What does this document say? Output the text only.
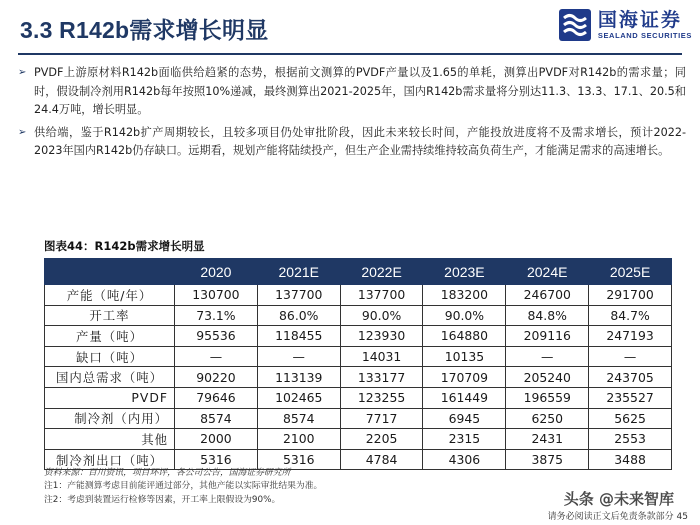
3.3 R142b需求增长明显	国海证券
SEALAND SECURITIES
➢ PVDF上游原材料R142b面临供给趋紧的态势，根据前文测算的PVDF产量以及1.65的单耗，测算出PVDF对R142b的需求量；同时，假设制冷剂用R142b每年按照10%递减，最终测算出2021-2025年，国内R142b需求量将分别达11.3、13.3、17.1、20.5和24.4万吨，增长明显。
➢ 供给端，鉴于R142b扩产周期较长，且较多项目仍处审批阶段，因此未来较长时间，产能投放进度将不及需求增长，预计2022-2023年国内R142b仍存缺口。远期看，规划产能将陆续投产，但生产企业需持续维持较高负荷生产，才能满足需求的高速增长。
图表44：R142b需求增长明显
	2020	2021E	2022E	2023E	2024E	2025E
产能（吨/年）	130700	137700	137700	183200	246700	291700
开工率	73.1%	86.0%	90.0%	90.0%	84.8%	84.7%
产量（吨）	95536	118455	123930	164880	209116	247193
缺口（吨）	—	—	14031	10135	—	—
国内总需求（吨）	90220	113139	133177	170709	205240	243705
PVDF	79646	102465	123255	161449	196559	235527
制冷剂（内用）	8574	8574	7717	6945	6250	5625
其他	2000	2100	2205	2315	2431	2553
制冷剂出口（吨）	5316	5316	4784	4306	3875	3488
资料来源：百川资讯，项目环评，各公司公告，国海证券研究所
注1：产能测算考虑目前能评通过部分，其他产能以实际审批结果为准。
注2：考虑到装置运行检修等因素，开工率上限假设为90%。	头条 @未来智库
请务必阅读正文后免责条款部分 45
